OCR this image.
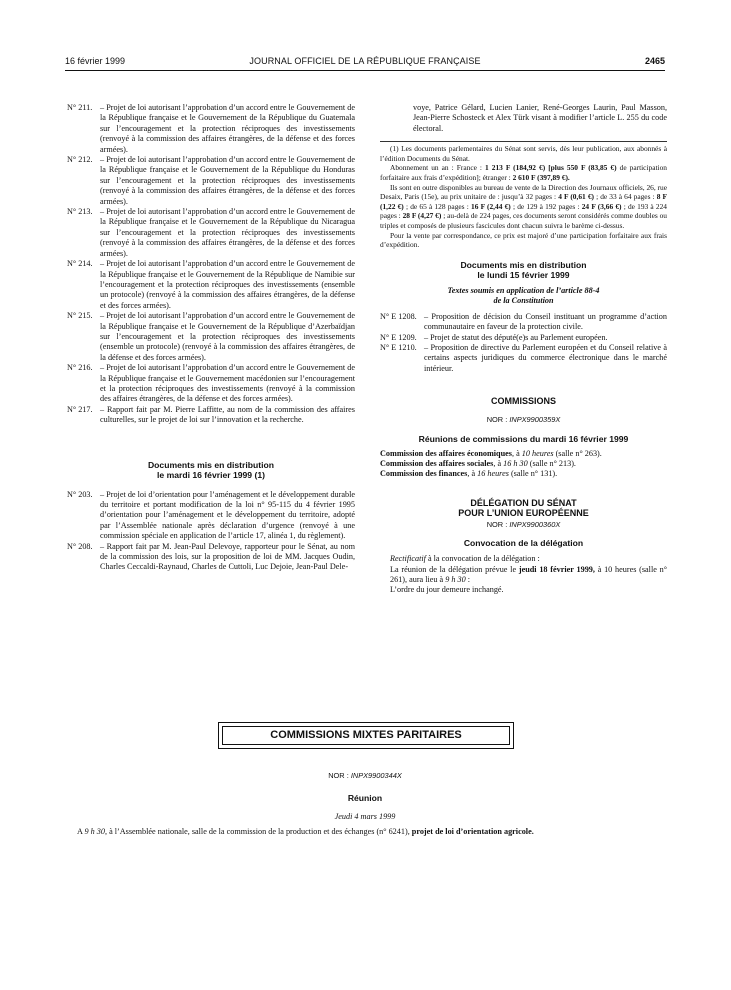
16 février 1999	JOURNAL OFFICIEL DE LA RÉPUBLIQUE FRANÇAISE	2465
N° 211. – Projet de loi autorisant l’approbation d’un accord entre le Gouvernement de la République française et le Gouvernement de la République du Guatemala sur l’encouragement et la protection réciproques des investissements (renvoyé à la commission des affaires étrangères, de la défense et des forces armées).
N° 212. – Projet de loi autorisant l’approbation d’un accord entre le Gouvernement de la République française et le Gouvernement de la République du Honduras sur l’encouragement et la protection réciproques des investissements (renvoyé à la commission des affaires étrangères, de la défense et des forces armées).
N° 213. – Projet de loi autorisant l’approbation d’un accord entre le Gouvernement de la République française et le Gouvernement de la République du Nicaragua sur l’encouragement et la protection réciproques des investissements (renvoyé à la commission des affaires étrangères, de la défense et des forces armées).
N° 214. – Projet de loi autorisant l’approbation d’un accord entre le Gouvernement de la République française et le Gouvernement de la République de Namibie sur l’encouragement et la protection réciproques des investissements (ensemble un protocole) (renvoyé à la commission des affaires étrangères, de la défense et des forces armées).
N° 215. – Projet de loi autorisant l’approbation d’un accord entre le Gouvernement de la République française et le Gouvernement de la République d’Azerbaïdjan sur l’encouragement et la protection réciproques des investissements (ensemble un protocole) (renvoyé à la commission des affaires étrangères, de la défense et des forces armées).
N° 216. – Projet de loi autorisant l’approbation d’un accord entre le Gouvernement de la République française et le Gouvernement macédonien sur l’encouragement et la protection réciproques des investissements (renvoyé à la commission des affaires étrangères, de la défense et des forces armées).
N° 217. – Rapport fait par M. Pierre Laffitte, au nom de la commission des affaires culturelles, sur le projet de loi sur l’innovation et la recherche.
Documents mis en distribution
le mardi 16 février 1999 (1)
N° 203. – Projet de loi d’orientation pour l’aménagement et le développement durable du territoire et portant modification de la loi n° 95-115 du 4 février 1995 d’orientation pour l’aménagement et le développement du territoire, adopté par l’Assemblée nationale après déclaration d’urgence (renvoyé à une commission spéciale en application de l’article 17, alinéa 1, du règlement).
N° 208. – Rapport fait par M. Jean-Paul Delevoye, rapporteur pour le Sénat, au nom de la commission des lois, sur la proposition de loi de MM. Jacques Oudin, Charles Ceccaldi-Raynaud, Charles de Cuttoli, Luc Dejoie, Jean-Paul Dele-
voye, Patrice Gélard, Lucien Lanier, René-Georges Laurin, Paul Masson, Jean-Pierre Schosteck et Alex Türk visant à modifier l’article L. 255 du code électoral.

(1) Les documents parlementaires du Sénat sont servis, dès leur publication, aux abonnés à l’édition Documents du Sénat.

Abonnement un an : France : 1 213 F (184,92 €) [plus 550 F (83,85 €) de participation forfaitaire aux frais d’expédition]; étranger : 2 610 F (397,89 €).

Ils sont en outre disponibles au bureau de vente de la Direction des Journaux officiels, 26, rue Desaix, Paris (15e), au prix unitaire de : jusqu’à 32 pages : 4 F (0,61 €) ; de 33 à 64 pages : 8 F (1,22 €) ; de 65 à 128 pages : 16 F (2,44 €) ; de 129 à 192 pages : 24 F (3,66 €) ; de 193 à 224 pages : 28 F (4,27 €) ; au-delà de 224 pages, ces documents seront considérés comme doubles ou triples et composés de plusieurs fascicules dont chacun suivra le barème ci-dessus.

Pour la vente par correspondance, ce prix est majoré d’une participation forfaitaire aux frais d’expédition.

Documents mis en distribution
le lundi 15 février 1999
Textes soumis en application de l’article 88-4
de la Constitution
N° E 1208. – Proposition de décision du Conseil instituant un programme d’action communautaire en faveur de la protection civile.
N° E 1209. – Projet de statut des député(e)s au Parlement européen.
N° E 1210. – Proposition de directive du Parlement européen et du Conseil relative à certains aspects juridiques du commerce électronique dans le marché intérieur.
COMMISSIONS
NOR : INPX9900359X
Réunions de commissions du mardi 16 février 1999
Commission des affaires économiques, à 10 heures (salle n° 263).
Commission des affaires sociales, à 16 h 30 (salle n° 213).
Commission des finances, à 16 heures (salle n° 131).
DÉLÉGATION DU SÉNAT
POUR L’UNION EUROPÉENNE
NOR : INPX9900360X
Convocation de la délégation
Rectificatif à la convocation de la délégation :
La réunion de la délégation prévue le jeudi 18 février 1999, à 10 heures (salle n° 261), aura lieu à 9 h 30 :
L’ordre du jour demeure inchangé.
COMMISSIONS MIXTES PARITAIRES
NOR : INPX9900344X
Réunion
Jeudi 4 mars 1999
A 9 h 30, à l’Assemblée nationale, salle de la commission de la production et des échanges (n° 6241), projet de loi d’orientation agricole.
